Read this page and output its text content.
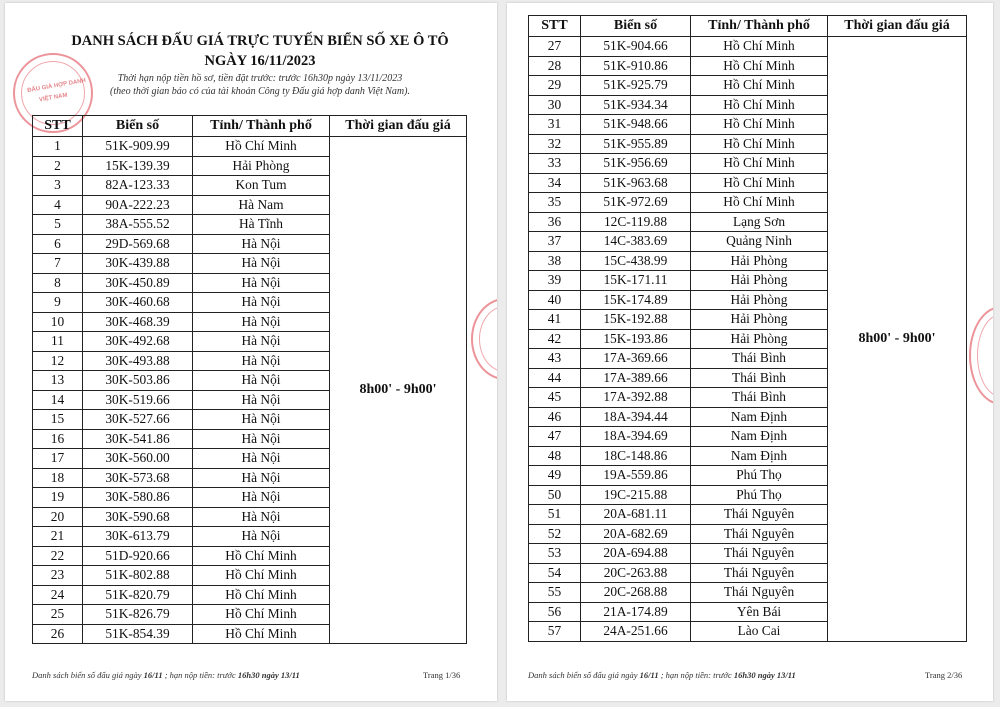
ĐẤU GIÁ HỢP DANH
VIỆT NAM
DANH SÁCH ĐẤU GIÁ TRỰC TUYẾN BIỂN SỐ XE Ô TÔ
NGÀY 16/11/2023
Thời hạn nộp tiền hồ sơ, tiền đặt trước: trước 16h30p ngày 13/11/2023
(theo thời gian báo có của tài khoản Công ty Đấu giá hợp danh Việt Nam).
STT	Biển số	Tỉnh/ Thành phố	Thời gian đấu giá
1	51K-909.99	Hồ Chí Minh	8h00' - 9h00'
2	15K-139.39	Hải Phòng	
3	82A-123.33	Kon Tum	
4	90A-222.23	Hà Nam	
5	38A-555.52	Hà Tĩnh	
6	29D-569.68	Hà Nội	
7	30K-439.88	Hà Nội	
8	30K-450.89	Hà Nội	
9	30K-460.68	Hà Nội	
10	30K-468.39	Hà Nội	
11	30K-492.68	Hà Nội	
12	30K-493.88	Hà Nội	
13	30K-503.86	Hà Nội	
14	30K-519.66	Hà Nội	
15	30K-527.66	Hà Nội	
16	30K-541.86	Hà Nội	
17	30K-560.00	Hà Nội	
18	30K-573.68	Hà Nội	
19	30K-580.86	Hà Nội	
20	30K-590.68	Hà Nội	
21	30K-613.79	Hà Nội	
22	51D-920.66	Hồ Chí Minh	
23	51K-802.88	Hồ Chí Minh	
24	51K-820.79	Hồ Chí Minh	
25	51K-826.79	Hồ Chí Minh	
26	51K-854.39	Hồ Chí Minh	
Danh sách biển số đấu giá ngày 16/11 ; hạn nộp tiền: trước 16h30 ngày 13/11	Trang 1/36
STT	Biển số	Tỉnh/ Thành phố	Thời gian đấu giá
27	51K-904.66	Hồ Chí Minh	8h00' - 9h00'
28	51K-910.86	Hồ Chí Minh	
29	51K-925.79	Hồ Chí Minh	
30	51K-934.34	Hồ Chí Minh	
31	51K-948.66	Hồ Chí Minh	
32	51K-955.89	Hồ Chí Minh	
33	51K-956.69	Hồ Chí Minh	
34	51K-963.68	Hồ Chí Minh	
35	51K-972.69	Hồ Chí Minh	
36	12C-119.88	Lạng Sơn	
37	14C-383.69	Quảng Ninh	
38	15C-438.99	Hải Phòng	
39	15K-171.11	Hải Phòng	
40	15K-174.89	Hải Phòng	
41	15K-192.88	Hải Phòng	
42	15K-193.86	Hải Phòng	
43	17A-369.66	Thái Bình	
44	17A-389.66	Thái Bình	
45	17A-392.88	Thái Bình	
46	18A-394.44	Nam Định	
47	18A-394.69	Nam Định	
48	18C-148.86	Nam Định	
49	19A-559.86	Phú Thọ	
50	19C-215.88	Phú Thọ	
51	20A-681.11	Thái Nguyên	
52	20A-682.69	Thái Nguyên	
53	20A-694.88	Thái Nguyên	
54	20C-263.88	Thái Nguyên	
55	20C-268.88	Thái Nguyên	
56	21A-174.89	Yên Bái	
57	24A-251.66	Lào Cai	
Danh sách biển số đấu giá ngày 16/11 ; hạn nộp tiền: trước 16h30 ngày 13/11	Trang 2/36
